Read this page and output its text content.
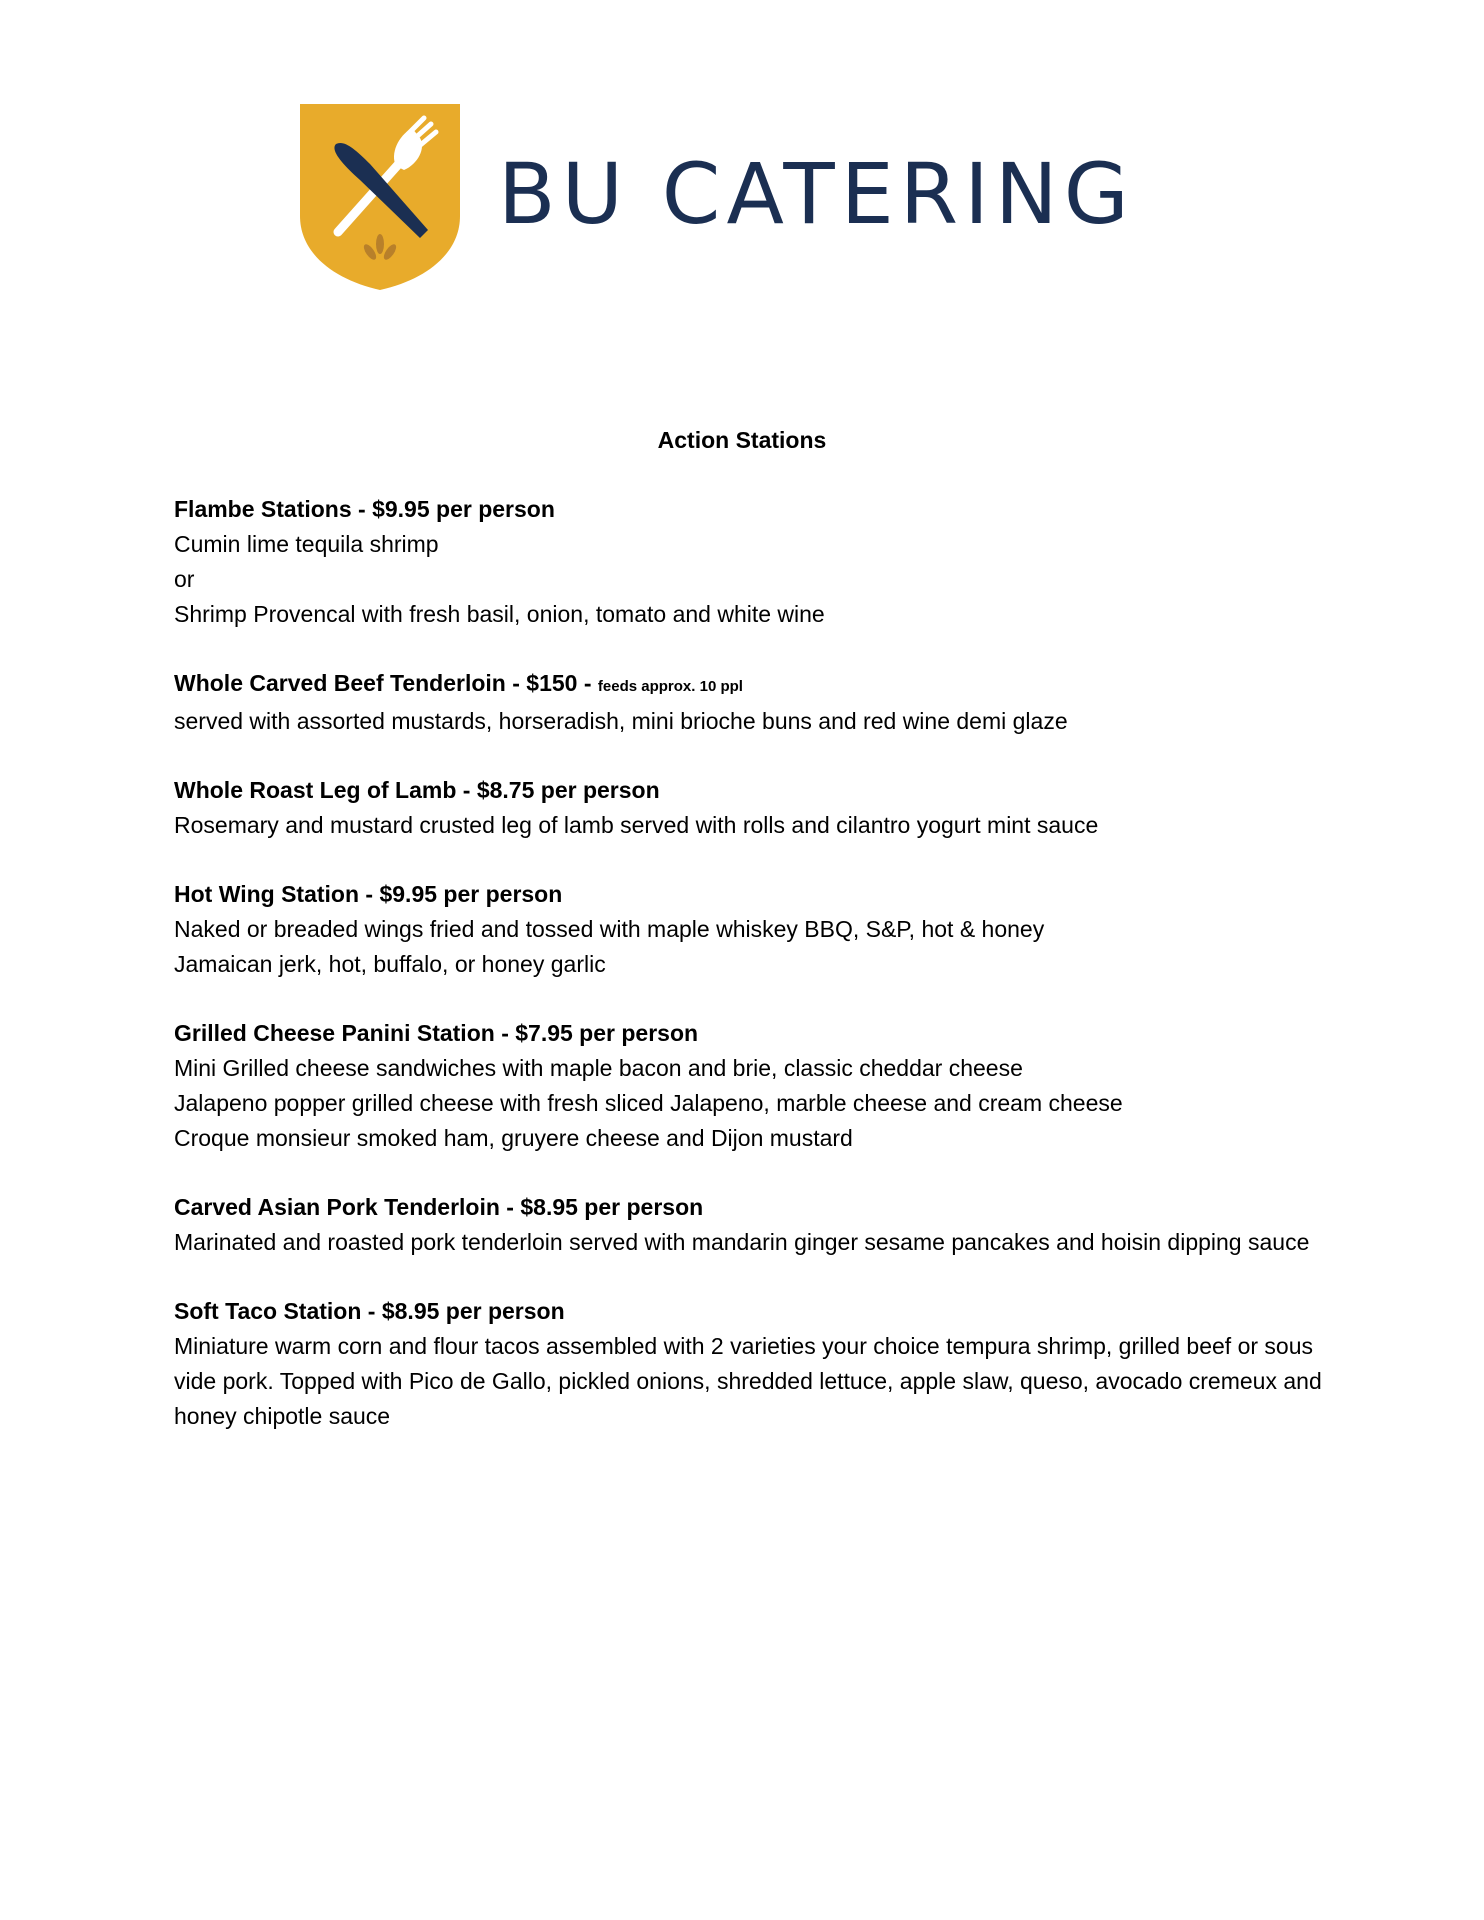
BU CATERING
Action Stations
Flambe Stations - $9.95 per person
Cumin lime tequila shrimp
or
Shrimp Provencal with fresh basil, onion, tomato and white wine
Whole Carved Beef Tenderloin - $150 - feeds approx. 10 ppl
served with assorted mustards, horseradish, mini brioche buns and red wine demi glaze
Whole Roast Leg of Lamb - $8.75 per person
Rosemary and mustard crusted leg of lamb served with rolls and cilantro yogurt mint sauce
Hot Wing Station - $9.95 per person
Naked or breaded wings fried and tossed with maple whiskey BBQ, S&P, hot & honey
Jamaican jerk, hot, buffalo, or honey garlic
Grilled Cheese Panini Station - $7.95 per person
Mini Grilled cheese sandwiches with maple bacon and brie, classic cheddar cheese
Jalapeno popper grilled cheese with fresh sliced Jalapeno, marble cheese and cream cheese
Croque monsieur smoked ham, gruyere cheese and Dijon mustard
Carved Asian Pork Tenderloin - $8.95 per person
Marinated and roasted pork tenderloin served with mandarin ginger sesame pancakes and hoisin dipping sauce
Soft Taco Station - $8.95 per person
Miniature warm corn and flour tacos assembled with 2 varieties your choice tempura shrimp, grilled beef or sous vide pork. Topped with Pico de Gallo, pickled onions, shredded lettuce, apple slaw, queso, avocado cremeux and honey chipotle sauce
